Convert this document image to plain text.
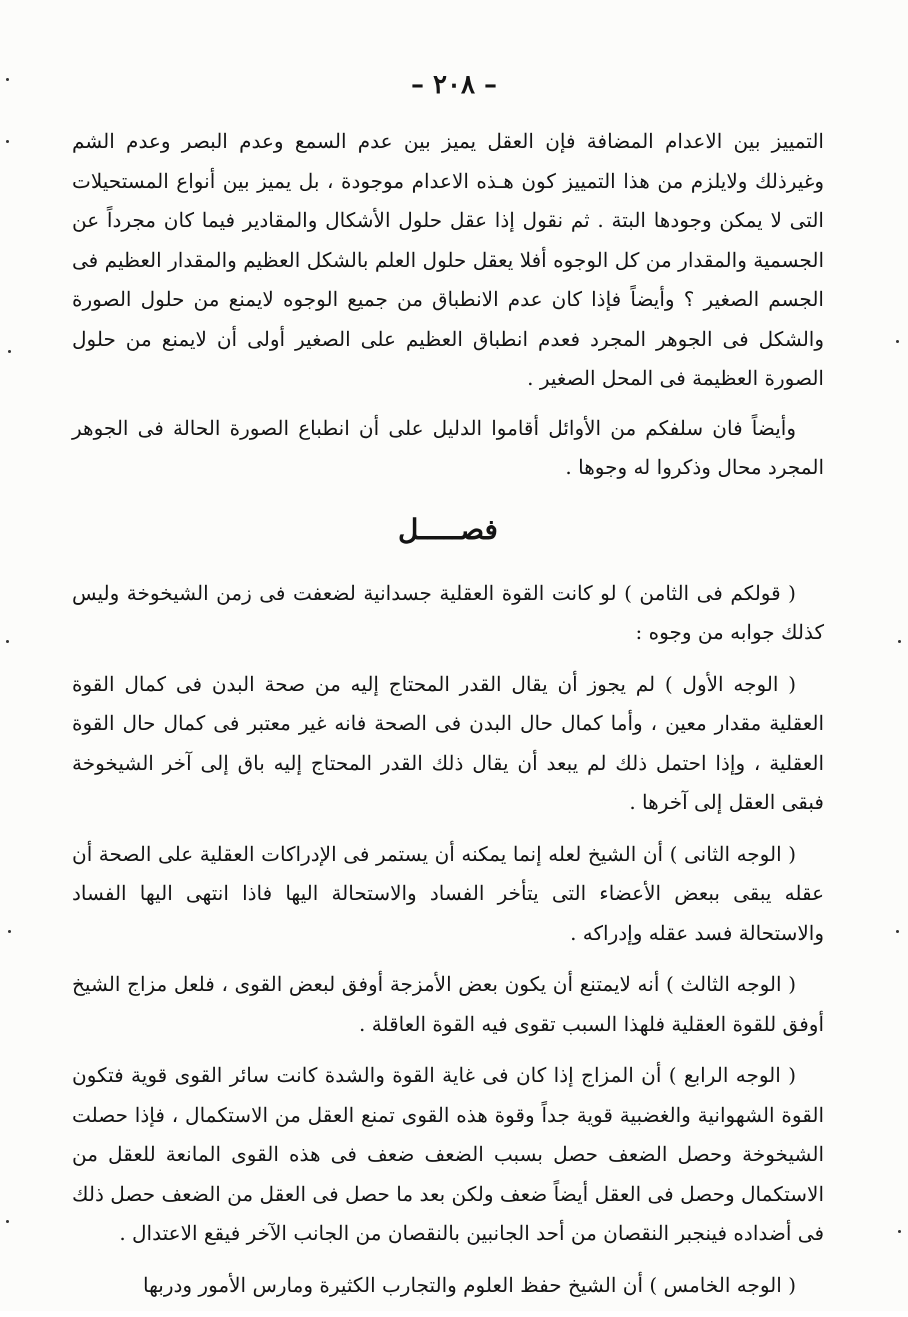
– ٢٠٨ –

التمييز بين الاعدام المضافة فإن العقل يميز بين عدم السمع وعدم البصر وعدم الشم وغيرذلك ولايلزم من هذا التمييز كون هـذه الاعدام موجودة ، بل يميز بين أنواع المستحيلات التى لا يمكن وجودها البتة . ثم نقول إذا عقل حلول الأشكال والمقادير فيما كان مجرداً عن الجسمية والمقدار من كل الوجوه أفلا يعقل حلول العلم بالشكل العظيم والمقدار العظيم فى الجسم الصغير ؟ وأيضاً فإذا كان عدم الانطباق من جميع الوجوه لايمنع من حلول الصورة والشكل فى الجوهر المجرد فعدم انطباق العظيم على الصغير أولى أن لايمنع من حلول الصورة العظيمة فى المحل الصغير .

وأيضاً فان سلفكم من الأوائل أقاموا الدليل على أن انطباع الصورة الحالة فى الجوهر المجرد محال وذكروا له وجوها .

فصـــــل

( قولكم فى الثامن ) لو كانت القوة العقلية جسدانية لضعفت فى زمن الشيخوخة وليس كذلك جوابه من وجوه :

( الوجه الأول ) لم يجوز أن يقال القدر المحتاج إليه من صحة البدن فى كمال القوة العقلية مقدار معين ، وأما كمال حال البدن فى الصحة فانه غير معتبر فى كمال حال القوة العقلية ، وإذا احتمل ذلك لم يبعد أن يقال ذلك القدر المحتاج إليه باق إلى آخر الشيخوخة فبقى العقل إلى آخرها .

( الوجه الثانى ) أن الشيخ لعله إنما يمكنه أن يستمر فى الإدراكات العقلية على الصحة أن عقله يبقى ببعض الأعضاء التى يتأخر الفساد والاستحالة اليها فاذا انتهى اليها الفساد والاستحالة فسد عقله وإدراكه .

( الوجه الثالث ) أنه لايمتنع أن يكون بعض الأمزجة أوفق لبعض القوى ، فلعل مزاج الشيخ أوفق للقوة العقلية فلهذا السبب تقوى فيه القوة العاقلة .

( الوجه الرابع ) أن المزاج إذا كان فى غاية القوة والشدة كانت سائر القوى قوية فتكون القوة الشهوانية والغضبية قوية جداً وقوة هذه القوى تمنع العقل من الاستكمال ، فإذا حصلت الشيخوخة وحصل الضعف حصل بسبب الضعف ضعف فى هذه القوى المانعة للعقل من الاستكمال وحصل فى العقل أيضاً ضعف ولكن بعد ما حصل فى العقل من الضعف حصل ذلك فى أضداده فينجبر النقصان من أحد الجانبين بالنقصان من الجانب الآخر فيقع الاعتدال .

( الوجه الخامس ) أن الشيخ حفظ العلوم والتجارب الكثيرة ومارس الأمور ودربها
